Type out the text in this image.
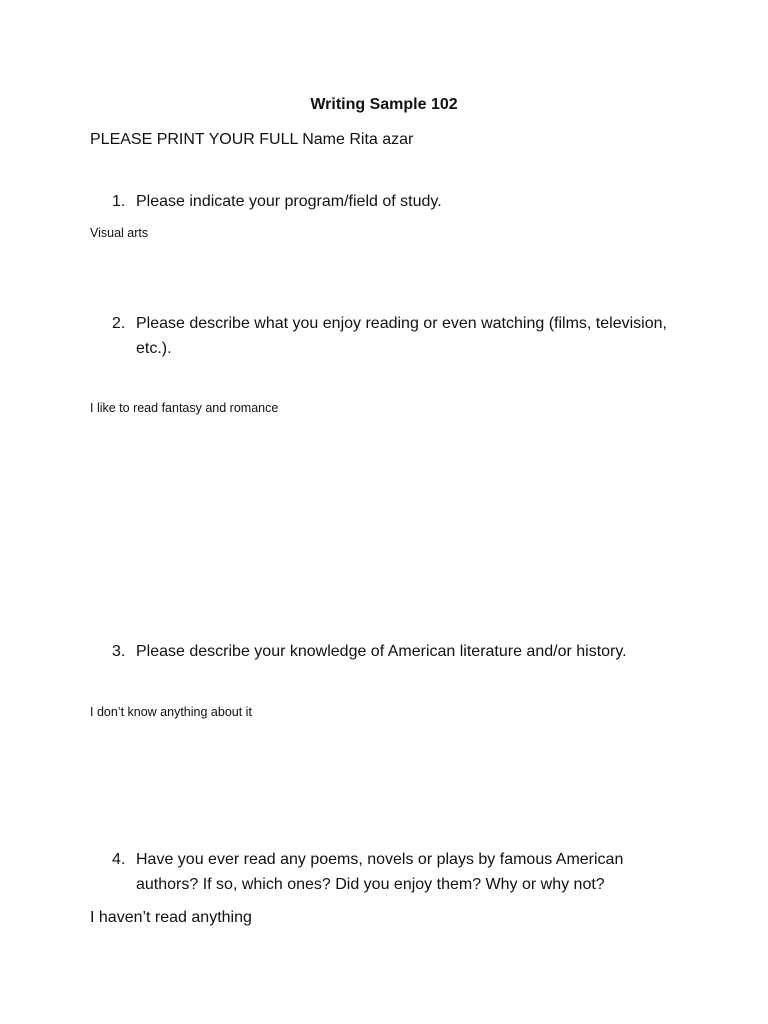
Writing Sample 102
PLEASE PRINT YOUR FULL Name Rita azar
1. Please indicate your program/field of study.
Visual arts
2. Please describe what you enjoy reading or even watching (films, television, etc.).
I like to read fantasy and romance
3. Please describe your knowledge of American literature and/or history.
I don’t know anything about it
4. Have you ever read any poems, novels or plays by famous American authors? If so, which ones? Did you enjoy them? Why or why not?
I haven’t read anything
